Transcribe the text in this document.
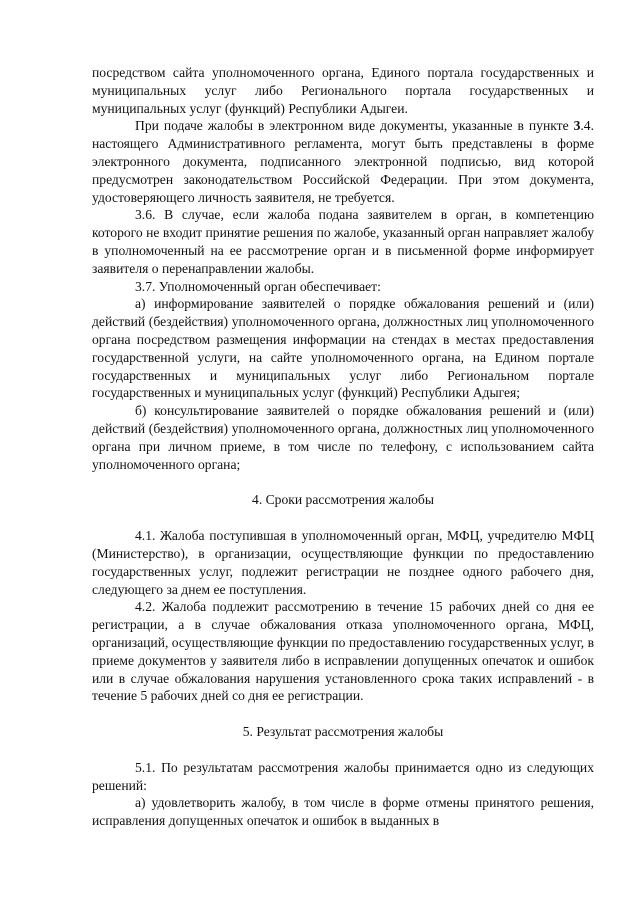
посредством сайта уполномоченного органа, Единого портала государственных и муниципальных услуг либо Регионального портала государственных и муниципальных услуг (функций) Республики Адыгеи.

При подаче жалобы в электронном виде документы, указанные в пункте 3.4. настоящего Административного регламента, могут быть представлены в форме электронного документа, подписанного электронной подписью, вид которой предусмотрен законодательством Российской Федерации. При этом документа, удостоверяющего личность заявителя, не требуется.

3.6. В случае, если жалоба подана заявителем в орган, в компетенцию которого не входит принятие решения по жалобе, указанный орган направляет жалобу в уполномоченный на ее рассмотрение орган и в письменной форме информирует заявителя о перенаправлении жалобы.

3.7. Уполномоченный орган обеспечивает:

а) информирование заявителей о порядке обжалования решений и (или) действий (бездействия) уполномоченного органа, должностных лиц уполномоченного органа посредством размещения информации на стендах в местах предоставления государственной услуги, на сайте уполномоченного органа, на Едином портале государственных и муниципальных услуг либо Региональном портале государственных и муниципальных услуг (функций) Республики Адыгея;

б) консультирование заявителей о порядке обжалования решений и (или) действий (бездействия) уполномоченного органа, должностных лиц уполномоченного органа при личном приеме, в том числе по телефону, с использованием сайта уполномоченного органа;

4. Сроки рассмотрения жалобы

4.1. Жалоба поступившая в уполномоченный орган, МФЦ, учредителю МФЦ (Министерство), в организации, осуществляющие функции по предоставлению государственных услуг, подлежит регистрации не позднее одного рабочего дня, следующего за днем ее поступления.

4.2. Жалоба подлежит рассмотрению в течение 15 рабочих дней со дня ее регистрации, а в случае обжалования отказа уполномоченного органа, МФЦ, организаций, осуществляющие функции по предоставлению государственных услуг, в приеме документов у заявителя либо в исправлении допущенных опечаток и ошибок или в случае обжалования нарушения установленного срока таких исправлений - в течение 5 рабочих дней со дня ее регистрации.

5. Результат рассмотрения жалобы

5.1. По результатам рассмотрения жалобы принимается одно из следующих решений:

а) удовлетворить жалобу, в том числе в форме отмены принятого решения, исправления допущенных опечаток и ошибок в выданных в
